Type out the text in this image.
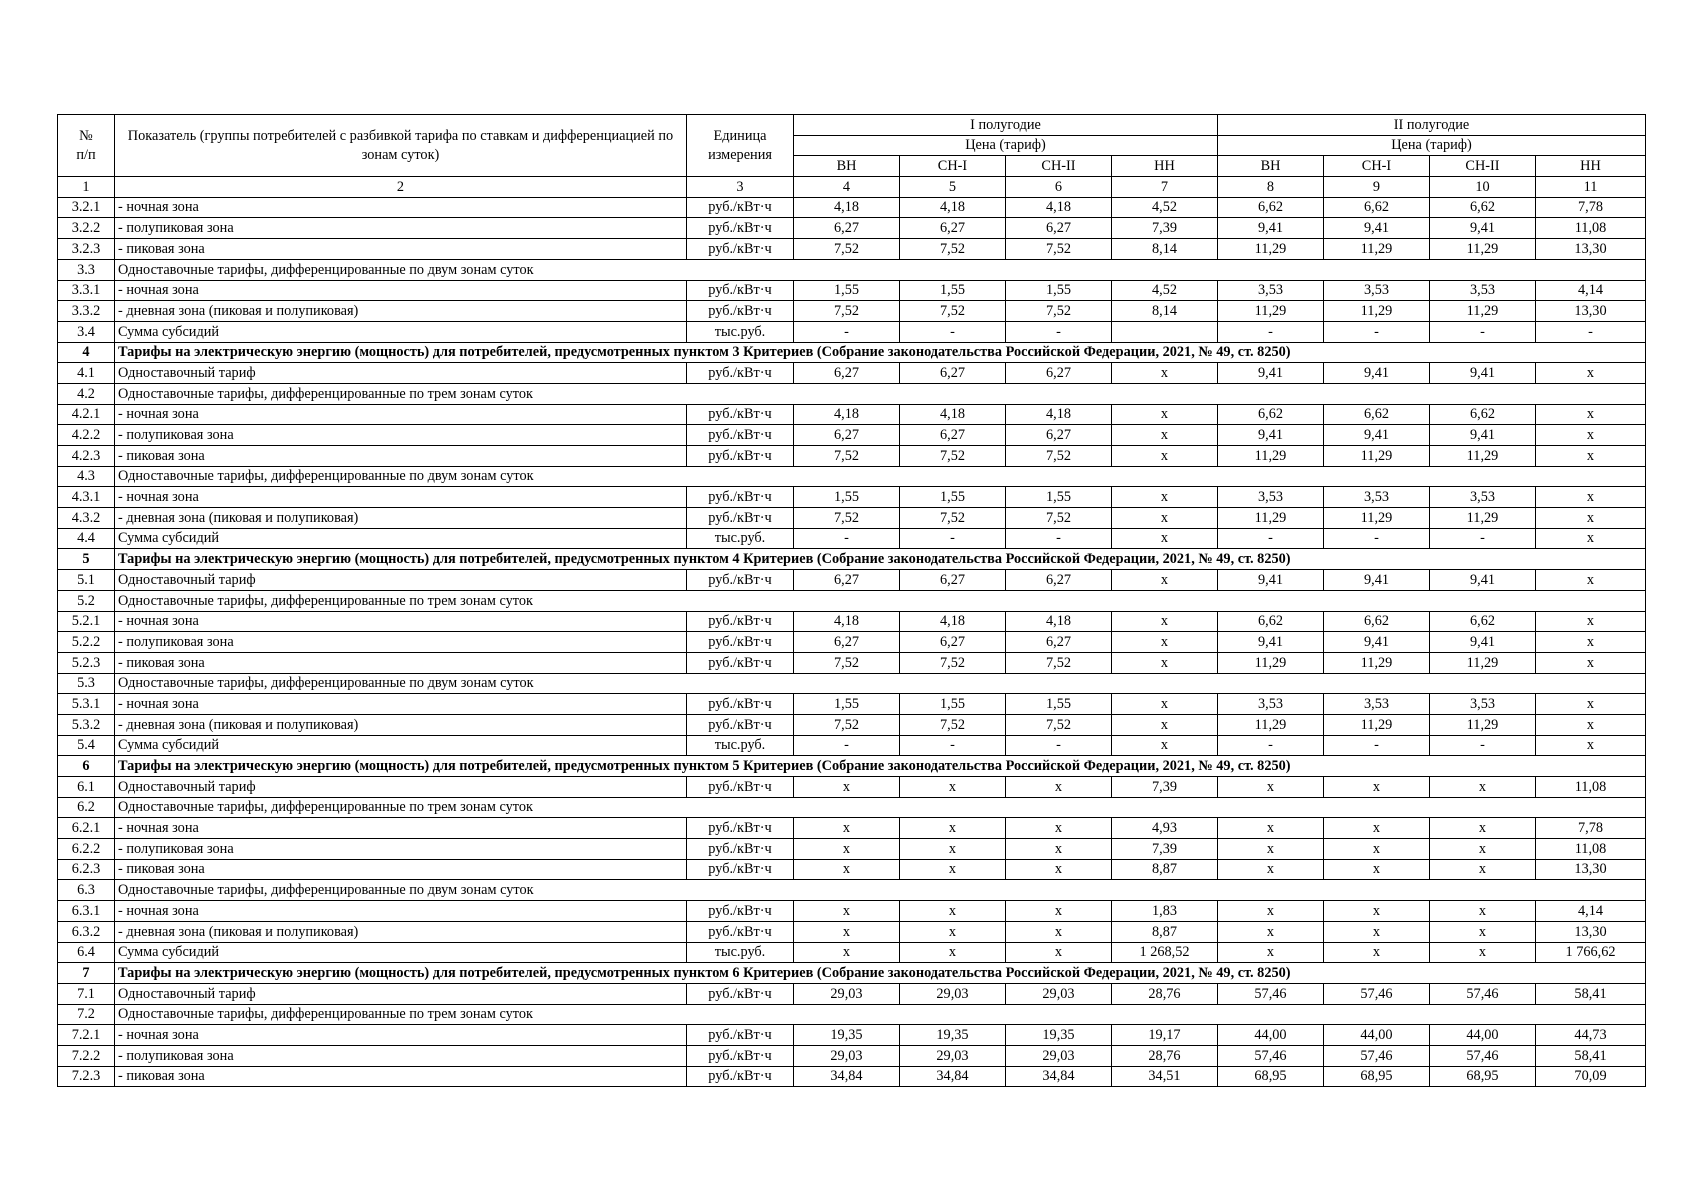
№
п/п	Показатель (группы потребителей с разбивкой тарифа по ставкам и дифференциацией по зонам суток)	Единица измерения	I полугодие				II полугодие			
			Цена (тариф)				Цена (тариф)			
			ВН	СН-I	СН-II	НН	ВН	СН-I	СН-II	НН
1	2	3	4	5	6	7	8	9	10	11
3.2.1	- ночная зона	руб./кВт·ч	4,18	4,18	4,18	4,52	6,62	6,62	6,62	7,78
3.2.2	- полупиковая зона	руб./кВт·ч	6,27	6,27	6,27	7,39	9,41	9,41	9,41	11,08
3.2.3	- пиковая зона	руб./кВт·ч	7,52	7,52	7,52	8,14	11,29	11,29	11,29	13,30
3.3	Одноставочные тарифы, дифференцированные по двум зонам суток									
3.3.1	- ночная зона	руб./кВт·ч	1,55	1,55	1,55	4,52	3,53	3,53	3,53	4,14
3.3.2	- дневная зона (пиковая и полупиковая)	руб./кВт·ч	7,52	7,52	7,52	8,14	11,29	11,29	11,29	13,30
3.4	Сумма субсидий	тыс.руб.	-	-	-		-	-	-	-
4	Тарифы на электрическую энергию (мощность) для потребителей, предусмотренных пунктом 3 Критериев (Собрание законодательства Российской Федерации, 2021, № 49, ст. 8250)									
4.1	Одноставочный тариф	руб./кВт·ч	6,27	6,27	6,27	х	9,41	9,41	9,41	х
4.2	Одноставочные тарифы, дифференцированные по трем зонам суток									
4.2.1	- ночная зона	руб./кВт·ч	4,18	4,18	4,18	х	6,62	6,62	6,62	х
4.2.2	- полупиковая зона	руб./кВт·ч	6,27	6,27	6,27	х	9,41	9,41	9,41	х
4.2.3	- пиковая зона	руб./кВт·ч	7,52	7,52	7,52	х	11,29	11,29	11,29	х
4.3	Одноставочные тарифы, дифференцированные по двум зонам суток									
4.3.1	- ночная зона	руб./кВт·ч	1,55	1,55	1,55	х	3,53	3,53	3,53	х
4.3.2	- дневная зона (пиковая и полупиковая)	руб./кВт·ч	7,52	7,52	7,52	х	11,29	11,29	11,29	х
4.4	Сумма субсидий	тыс.руб.	-	-	-	х	-	-	-	х
5	Тарифы на электрическую энергию (мощность) для потребителей, предусмотренных пунктом 4 Критериев (Собрание законодательства Российской Федерации, 2021, № 49, ст. 8250)									
5.1	Одноставочный тариф	руб./кВт·ч	6,27	6,27	6,27	х	9,41	9,41	9,41	х
5.2	Одноставочные тарифы, дифференцированные по трем зонам суток									
5.2.1	- ночная зона	руб./кВт·ч	4,18	4,18	4,18	х	6,62	6,62	6,62	х
5.2.2	- полупиковая зона	руб./кВт·ч	6,27	6,27	6,27	х	9,41	9,41	9,41	х
5.2.3	- пиковая зона	руб./кВт·ч	7,52	7,52	7,52	х	11,29	11,29	11,29	х
5.3	Одноставочные тарифы, дифференцированные по двум зонам суток									
5.3.1	- ночная зона	руб./кВт·ч	1,55	1,55	1,55	х	3,53	3,53	3,53	х
5.3.2	- дневная зона (пиковая и полупиковая)	руб./кВт·ч	7,52	7,52	7,52	х	11,29	11,29	11,29	х
5.4	Сумма субсидий	тыс.руб.	-	-	-	х	-	-	-	х
6	Тарифы на электрическую энергию (мощность) для потребителей, предусмотренных пунктом 5 Критериев (Собрание законодательства Российской Федерации, 2021, № 49, ст. 8250)									
6.1	Одноставочный тариф	руб./кВт·ч	х	х	х	7,39	х	х	х	11,08
6.2	Одноставочные тарифы, дифференцированные по трем зонам суток									
6.2.1	- ночная зона	руб./кВт·ч	х	х	х	4,93	х	х	х	7,78
6.2.2	- полупиковая зона	руб./кВт·ч	х	х	х	7,39	х	х	х	11,08
6.2.3	- пиковая зона	руб./кВт·ч	х	х	х	8,87	х	х	х	13,30
6.3	Одноставочные тарифы, дифференцированные по двум зонам суток									
6.3.1	- ночная зона	руб./кВт·ч	х	х	х	1,83	х	х	х	4,14
6.3.2	- дневная зона (пиковая и полупиковая)	руб./кВт·ч	х	х	х	8,87	х	х	х	13,30
6.4	Сумма субсидий	тыс.руб.	х	х	х	1 268,52	х	х	х	1 766,62
7	Тарифы на электрическую энергию (мощность) для потребителей, предусмотренных пунктом 6 Критериев (Собрание законодательства Российской Федерации, 2021, № 49, ст. 8250)									
7.1	Одноставочный тариф	руб./кВт·ч	29,03	29,03	29,03	28,76	57,46	57,46	57,46	58,41
7.2	Одноставочные тарифы, дифференцированные по трем зонам суток									
7.2.1	- ночная зона	руб./кВт·ч	19,35	19,35	19,35	19,17	44,00	44,00	44,00	44,73
7.2.2	- полупиковая зона	руб./кВт·ч	29,03	29,03	29,03	28,76	57,46	57,46	57,46	58,41
7.2.3	- пиковая зона	руб./кВт·ч	34,84	34,84	34,84	34,51	68,95	68,95	68,95	70,09
